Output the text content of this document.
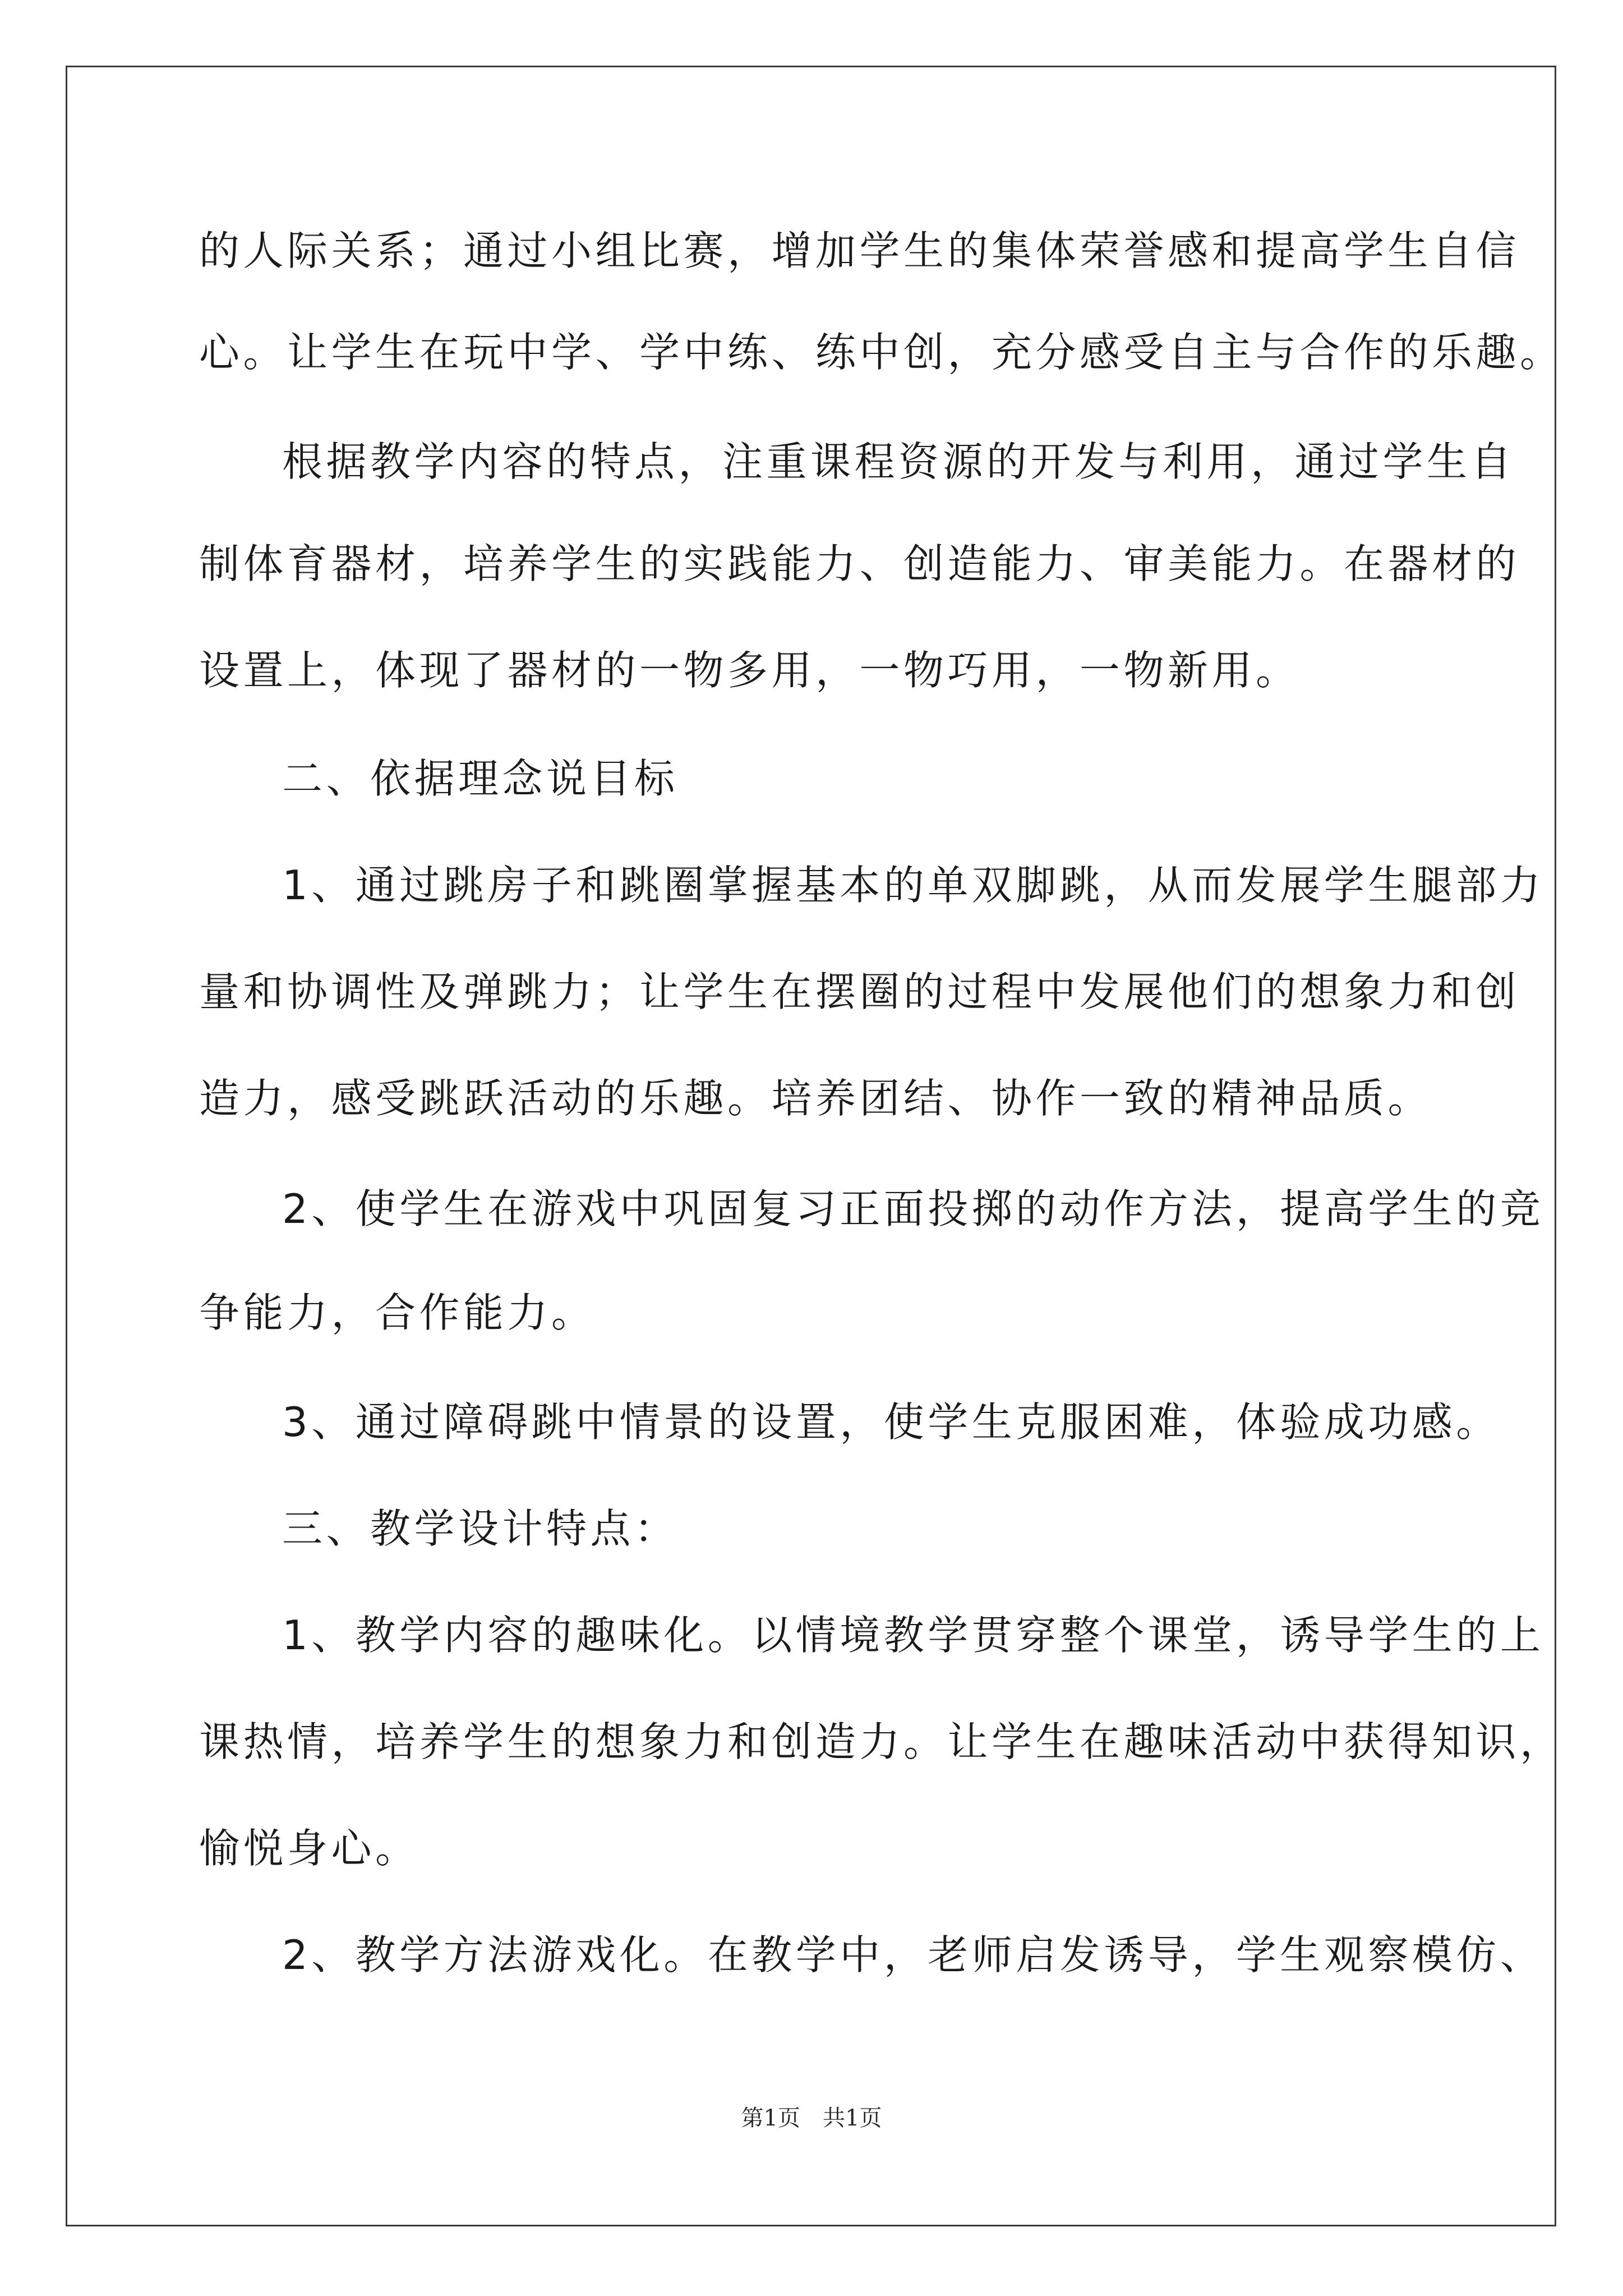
的人际关系；通过小组比赛，增加学生的集体荣誉感和提高学生自信
心。让学生在玩中学、学中练、练中创，充分感受自主与合作的乐趣。
根据教学内容的特点，注重课程资源的开发与利用，通过学生自
制体育器材，培养学生的实践能力、创造能力、审美能力。在器材的
设置上，体现了器材的一物多用，一物巧用，一物新用。
二、依据理念说目标
1、通过跳房子和跳圈掌握基本的单双脚跳，从而发展学生腿部力
量和协调性及弹跳力；让学生在摆圈的过程中发展他们的想象力和创
造力，感受跳跃活动的乐趣。培养团结、协作一致的精神品质。
2、使学生在游戏中巩固复习正面投掷的动作方法，提高学生的竞
争能力，合作能力。
3、通过障碍跳中情景的设置，使学生克服困难，体验成功感。
三、教学设计特点：
1、教学内容的趣味化。以情境教学贯穿整个课堂，诱导学生的上
课热情，培养学生的想象力和创造力。让学生在趣味活动中获得知识，
愉悦身心。
2、教学方法游戏化。在教学中，老师启发诱导，学生观察模仿、
第1页 共1页
